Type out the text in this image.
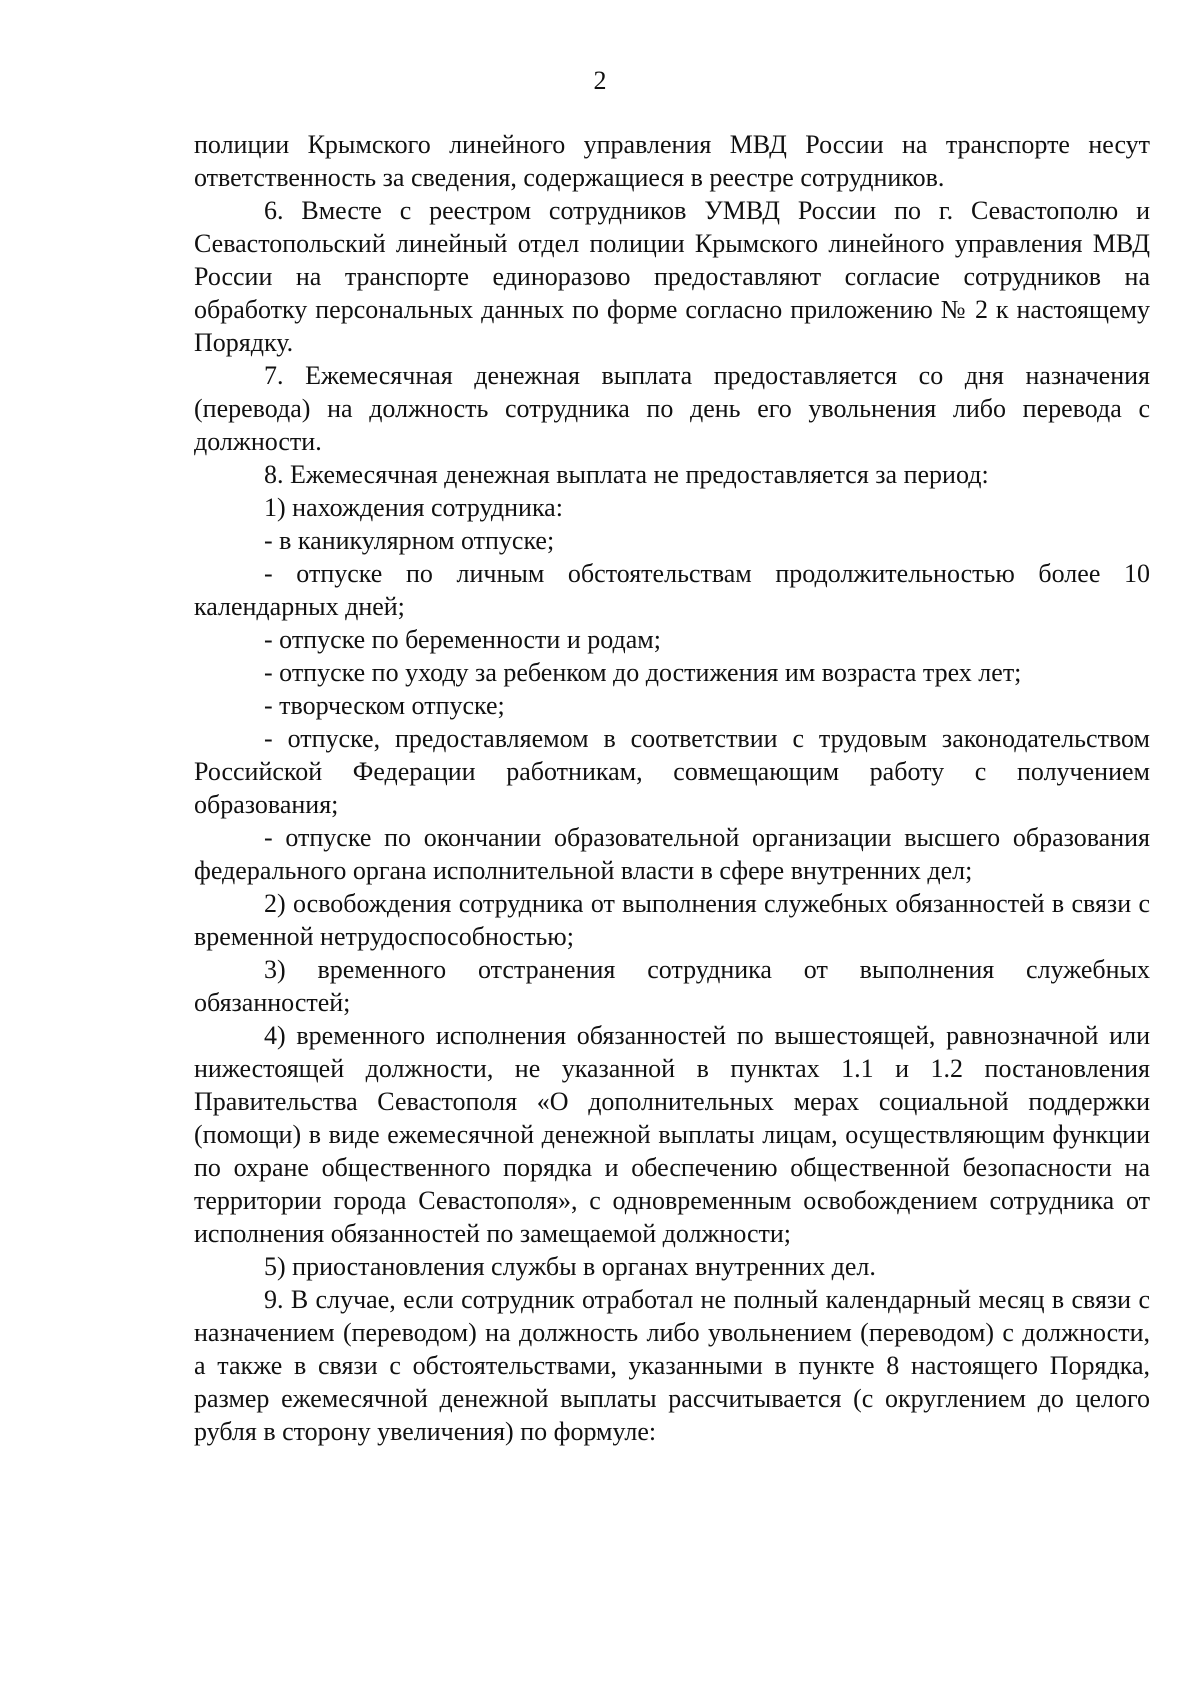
2

полиции Крымского линейного управления МВД России на транспорте несут ответственность за сведения, содержащиеся в реестре сотрудников.

6. Вместе с реестром сотрудников УМВД России по г. Севастополю и Севастопольский линейный отдел полиции Крымского линейного управления МВД России на транспорте единоразово предоставляют согласие сотрудников на обработку персональных данных по форме согласно приложению № 2 к настоящему Порядку.

7. Ежемесячная денежная выплата предоставляется со дня назначения (перевода) на должность сотрудника по день его увольнения либо перевода с должности.

8. Ежемесячная денежная выплата не предоставляется за период:

1) нахождения сотрудника:

- в каникулярном отпуске;

- отпуске по личным обстоятельствам продолжительностью более 10 календарных дней;

- отпуске по беременности и родам;

- отпуске по уходу за ребенком до достижения им возраста трех лет;

- творческом отпуске;

- отпуске, предоставляемом в соответствии с трудовым законодательством Российской Федерации работникам, совмещающим работу с получением образования;

- отпуске по окончании образовательной организации высшего образования федерального органа исполнительной власти в сфере внутренних дел;

2) освобождения сотрудника от выполнения служебных обязанностей в связи с временной нетрудоспособностью;

3) временного отстранения сотрудника от выполнения служебных обязанностей;

4) временного исполнения обязанностей по вышестоящей, равнозначной или нижестоящей должности, не указанной в пунктах 1.1 и 1.2 постановления Правительства Севастополя «О дополнительных мерах социальной поддержки (помощи) в виде ежемесячной денежной выплаты лицам, осуществляющим функции по охране общественного порядка и обеспечению общественной безопасности на территории города Севастополя», с одновременным освобождением сотрудника от исполнения обязанностей по замещаемой должности;

5) приостановления службы в органах внутренних дел.

9. В случае, если сотрудник отработал не полный календарный месяц в связи с назначением (переводом) на должность либо увольнением (переводом) с должности, а также в связи с обстоятельствами, указанными в пункте 8 настоящего Порядка, размер ежемесячной денежной выплаты рассчитывается (с округлением до целого рубля в сторону увеличения) по формуле:
